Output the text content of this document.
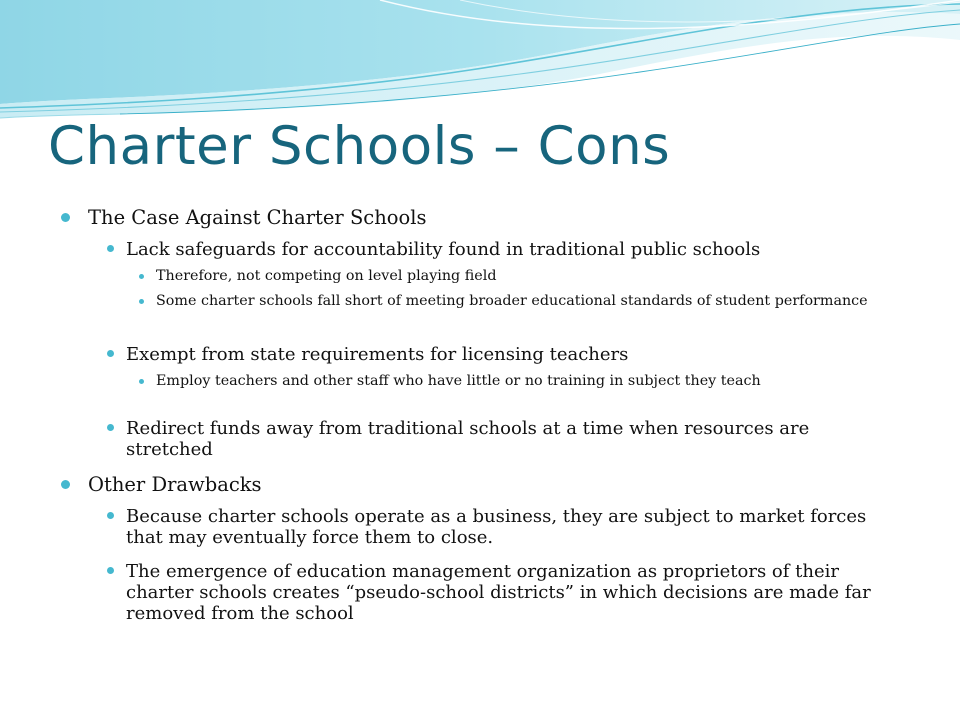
Charter Schools – Cons
The Case Against Charter Schools
Lack safeguards for accountability found in traditional public schools
Therefore, not competing on level playing field
Some charter schools fall short of meeting broader educational standards of student performance
Exempt from state requirements for licensing teachers
Employ teachers and other staff who have little or no training in subject they teach
Redirect funds away from traditional schools at a time when resources are stretched
Other Drawbacks
Because charter schools operate as a business, they are subject to market forces that may eventually force them to close.
The emergence of education management organization as proprietors of their charter schools creates “pseudo-school districts” in which decisions are made far removed from the school
